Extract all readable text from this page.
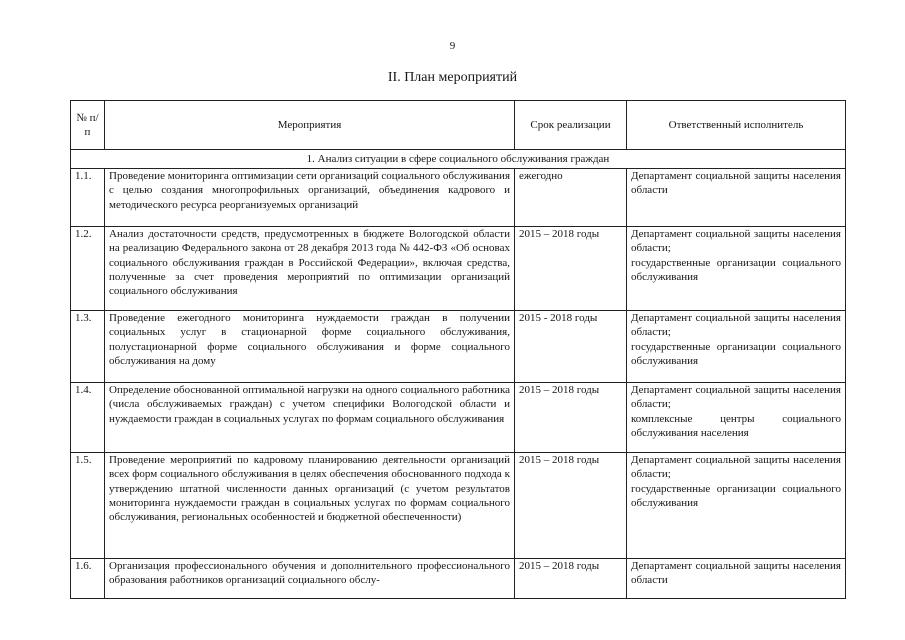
9
II. План мероприятий
№ п/п	Мероприятия	Срок реализации	Ответственный исполнитель
1. Анализ ситуации в сфере социального обслуживания граждан			
1.1.	Проведение мониторинга оптимизации сети организаций социального обслуживания с целью создания многопрофильных организаций, объединения кадрового и методического ресурса реорганизуемых организаций	ежегодно	Департамент социальной защиты населения области

1.2.	Анализ достаточности средств, предусмотренных в бюджете Вологодской области на реализацию Федерального закона от 28 декабря 2013 года № 442-ФЗ «Об основах социального обслуживания граждан в Российской Федерации», включая средства, полученные за счет проведения мероприятий по оптимизации организаций социального обслуживания	2015 – 2018 годы	Департамент социальной защиты населения области;
государственные организации социального обслуживания

1.3.	Проведение ежегодного мониторинга нуждаемости граждан в получении социальных услуг в стационарной форме социального обслуживания, полустационарной форме социального обслуживания и форме социального обслуживания на дому	2015 - 2018 годы	Департамент социальной защиты населения области;
государственные организации социального обслуживания

1.4.	Определение обоснованной оптимальной нагрузки на одного социального работника (числа обслуживаемых граждан) с учетом специфики Вологодской области и нуждаемости граждан в социальных услугах по формам социального обслуживания	2015 – 2018 годы	Департамент социальной защиты населения области;
комплексные центры социального обслуживания населения

1.5.	Проведение мероприятий по кадровому планированию деятельности организаций всех форм социального обслуживания в целях обеспечения обоснованного подхода к утверждению штатной численности данных организаций (с учетом результатов мониторинга нуждаемости граждан в социальных услугах по формам социального обслуживания, региональных особенностей и бюджетной обеспеченности)	2015 – 2018 годы	Департамент социальной защиты населения области;
государственные организации социального обслуживания

1.6.	Организация профессионального обучения и дополнительного профессионального образования работников организаций социального обслу-	2015 – 2018 годы	Департамент социальной защиты населения области
